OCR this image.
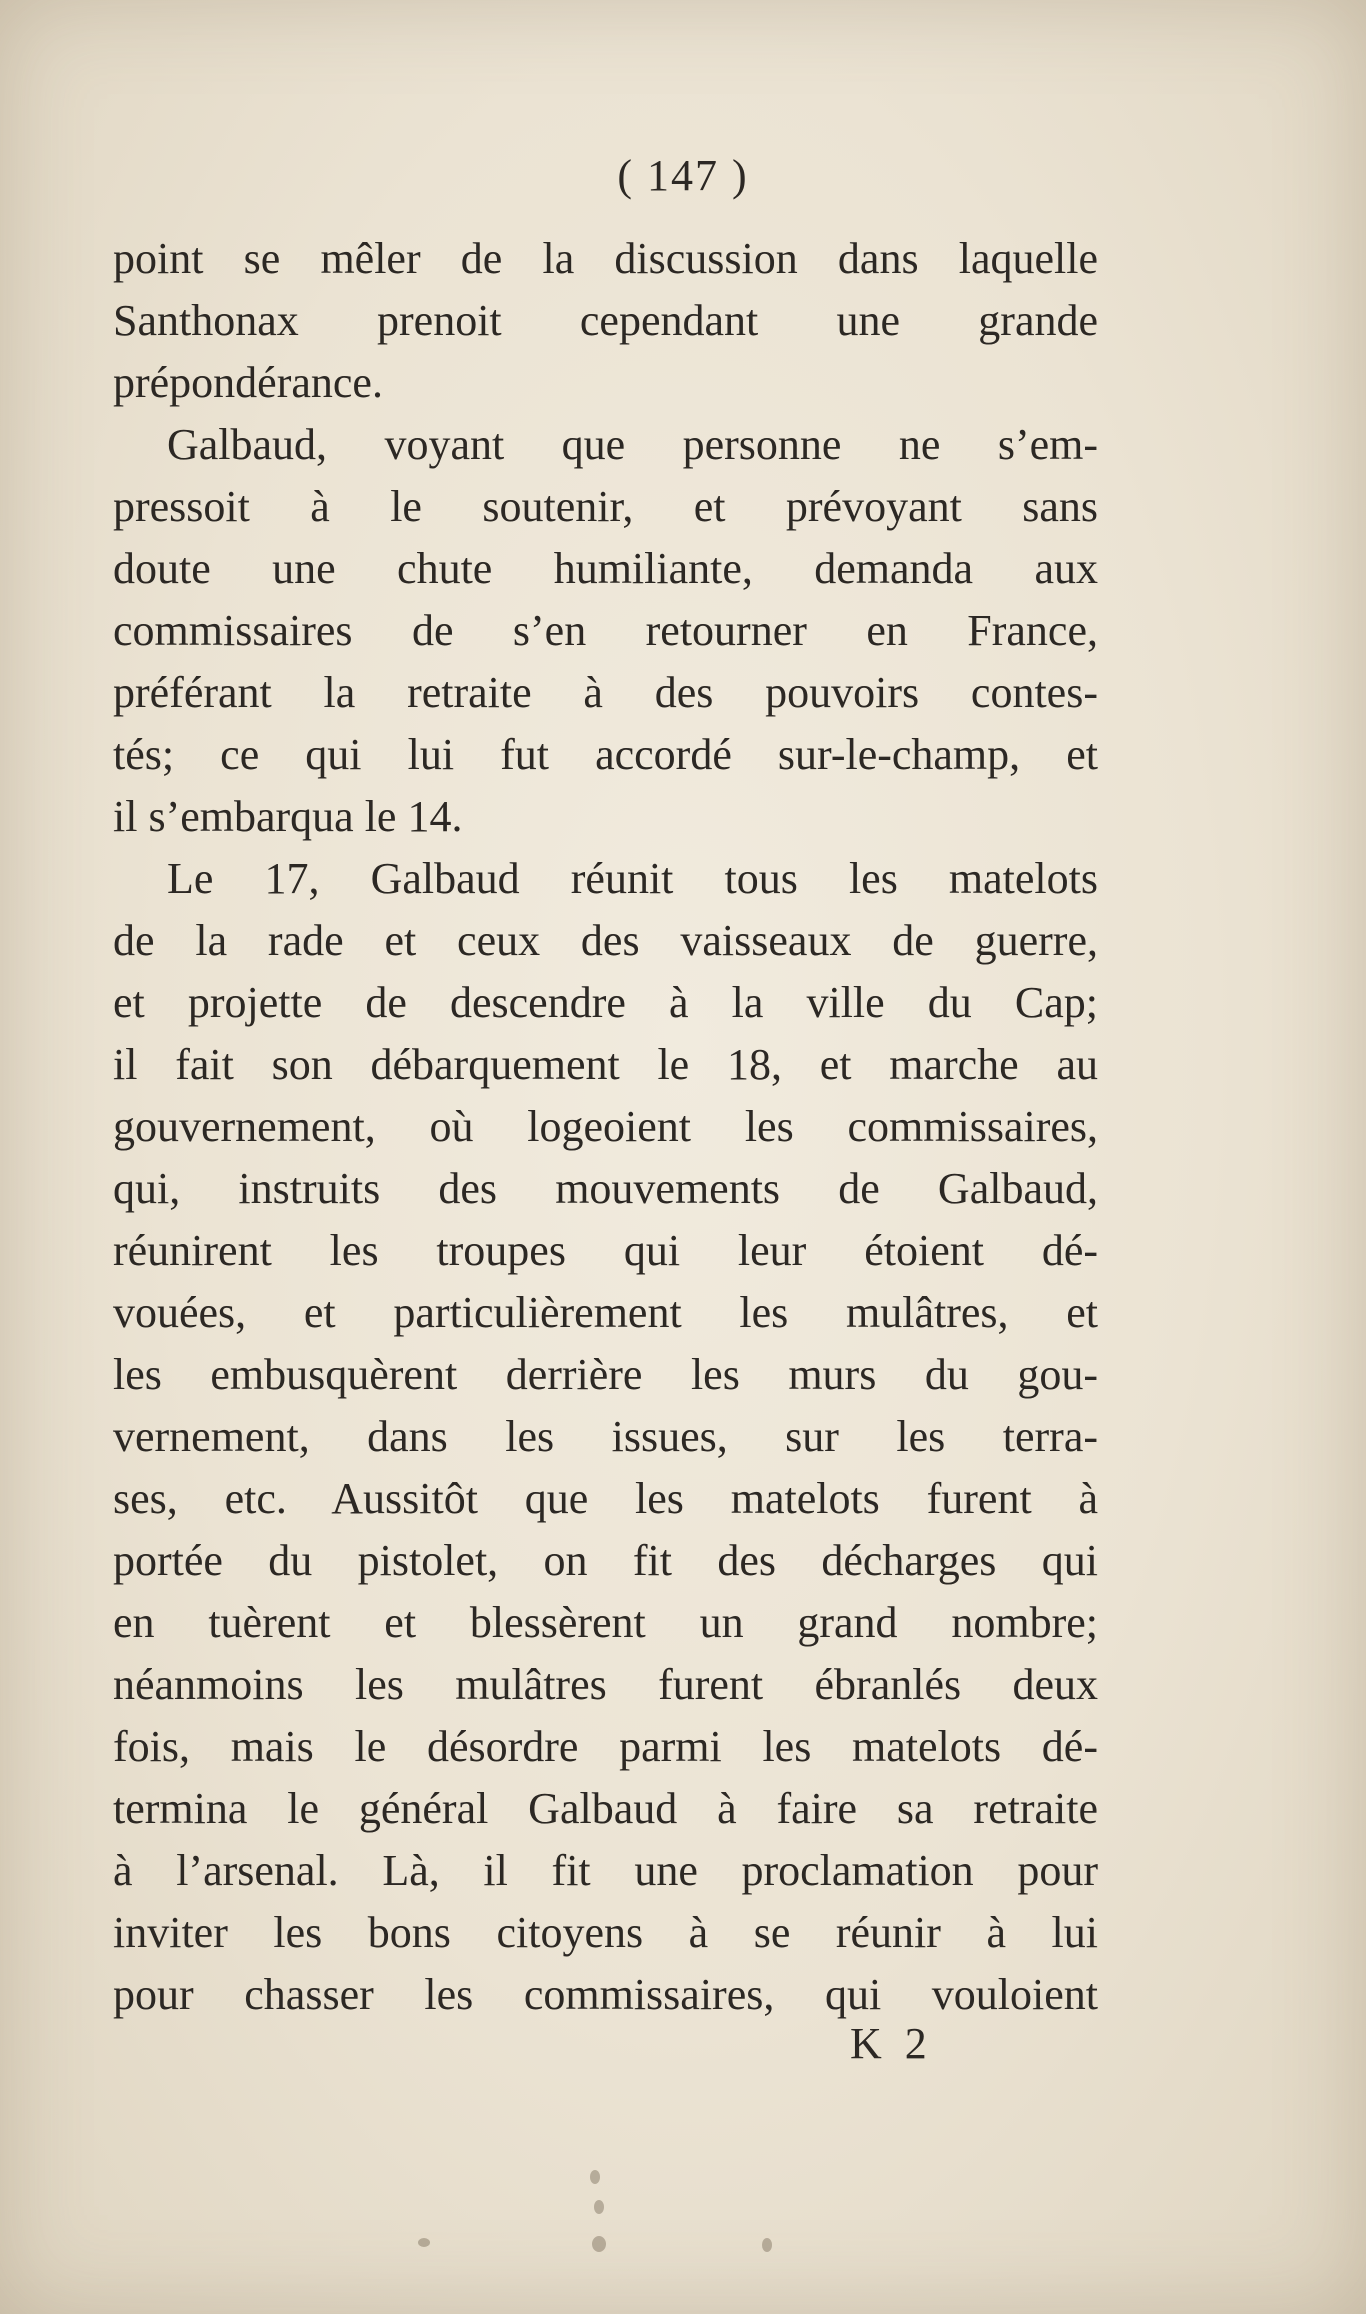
( 147 )
point se mêler de la discussion dans laquelle
Santhonax prenoit cependant une grande
prépondérance.
Galbaud, voyant que personne ne s’em-
pressoit à le soutenir, et prévoyant sans
doute une chute humiliante, demanda aux
commissaires de s’en retourner en France,
préférant la retraite à des pouvoirs contes-
tés; ce qui lui fut accordé sur-le-champ, et
il s’embarqua le 14.
Le 17, Galbaud réunit tous les matelots
de la rade et ceux des vaisseaux de guerre,
et projette de descendre à la ville du Cap;
il fait son débarquement le 18, et marche au
gouvernement, où logeoient les commissaires,
qui, instruits des mouvements de Galbaud,
réunirent les troupes qui leur étoient dé-
vouées, et particulièrement les mulâtres, et
les embusquèrent derrière les murs du gou-
vernement, dans les issues, sur les terra-
ses, etc. Aussitôt que les matelots furent à
portée du pistolet, on fit des décharges qui
en tuèrent et blessèrent un grand nombre;
néanmoins les mulâtres furent ébranlés deux
fois, mais le désordre parmi les matelots dé-
termina le général Galbaud à faire sa retraite
à l’arsenal. Là, il fit une proclamation pour
inviter les bons citoyens à se réunir à lui
pour chasser les commissaires, qui vouloient
K 2
